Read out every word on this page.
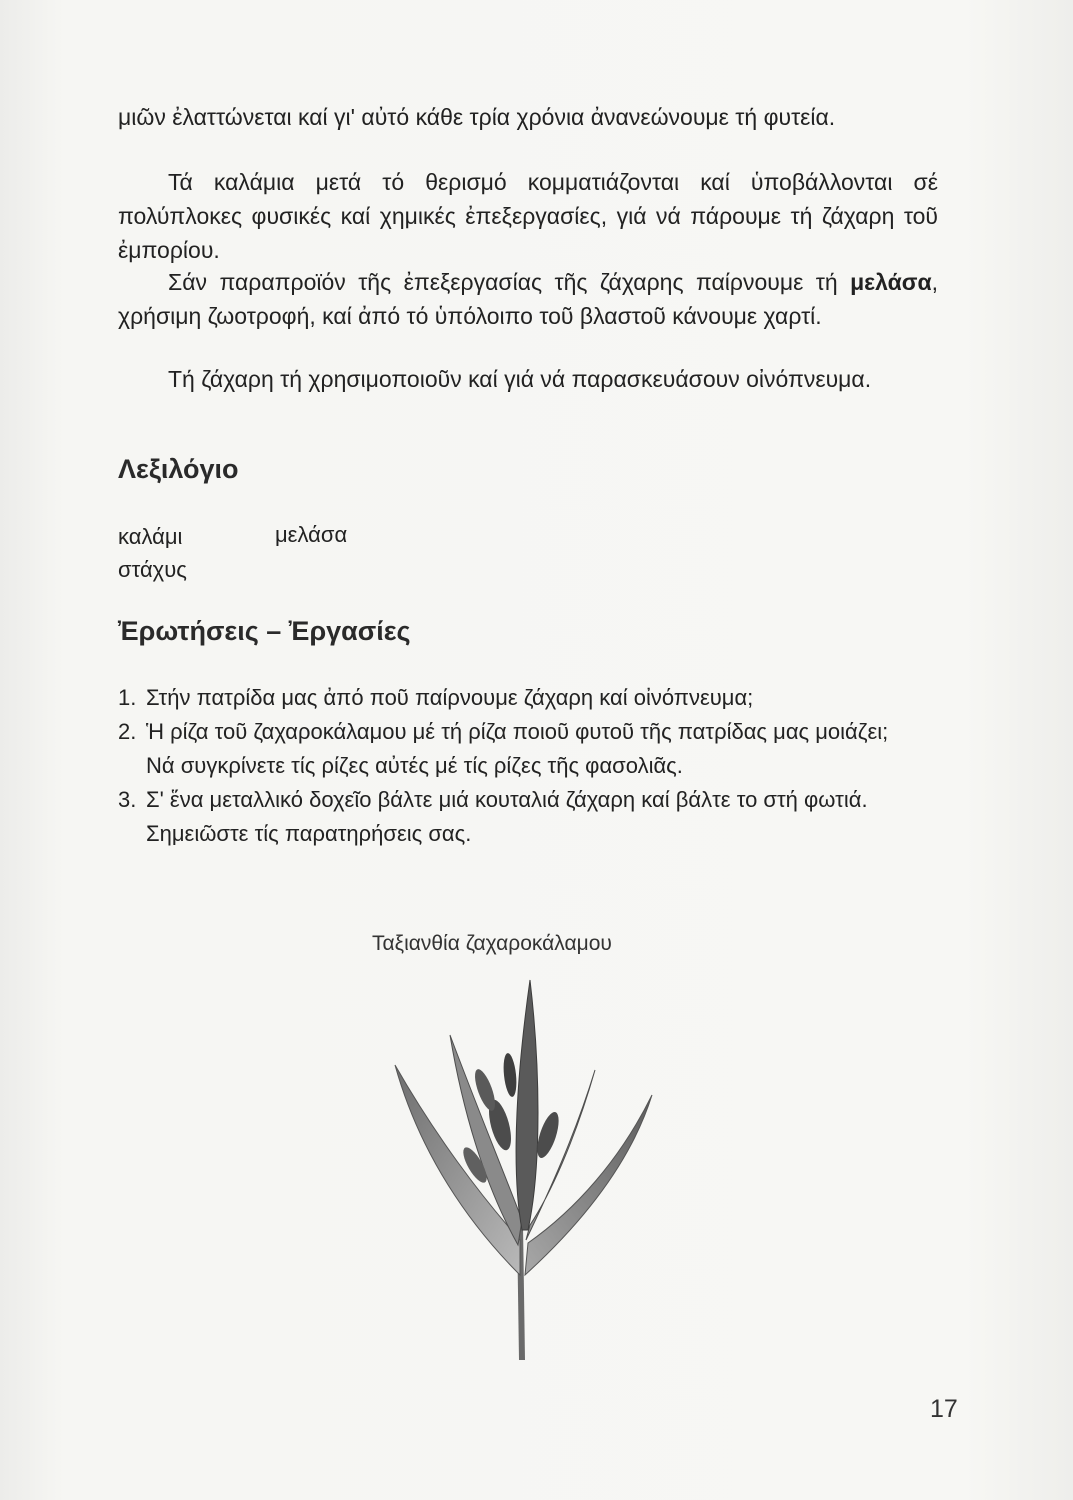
μιῶν ἐλαττώνεται καί γι' αὐτό κάθε τρία χρόνια ἀνανεώνουμε τή φυτεία.

Τά καλάμια μετά τό θερισμό κομματιάζονται καί ὑποβάλλονται σέ πολύπλοκες φυσικές καί χημικές ἐπεξεργασίες, γιά νά πάρουμε τή ζάχαρη τοῦ ἐμπορίου.

Σάν παραπροϊόν τῆς ἐπεξεργασίας τῆς ζάχαρης παίρνουμε τή μελάσα, χρήσιμη ζωοτροφή, καί ἀπό τό ὑπόλοιπο τοῦ βλαστοῦ κάνουμε χαρτί.

Τή ζάχαρη τή χρησιμοποιοῦν καί γιά νά παρασκευάσουν οἰνόπνευμα.

Λεξιλόγιο
καλάμι	μελάσα
στάχυς
Ἐρωτήσεις – Ἐργασίες
1. Στήν πατρίδα μας ἀπό ποῦ παίρνουμε ζάχαρη καί οἰνόπνευμα;
2. Ἡ ρίζα τοῦ ζαχαροκάλαμου μέ τή ρίζα ποιοῦ φυτοῦ τῆς πατρίδας μας μοιάζει;
Νά συγκρίνετε τίς ρίζες αὐτές μέ τίς ρίζες τῆς φασολιᾶς.
3. Σ' ἕνα μεταλλικό δοχεῖο βάλτε μιά κουταλιά ζάχαρη καί βάλτε το στή φωτιά.
Σημειῶστε τίς παρατηρήσεις σας.
Ταξιανθία ζαχαροκάλαμου
17
